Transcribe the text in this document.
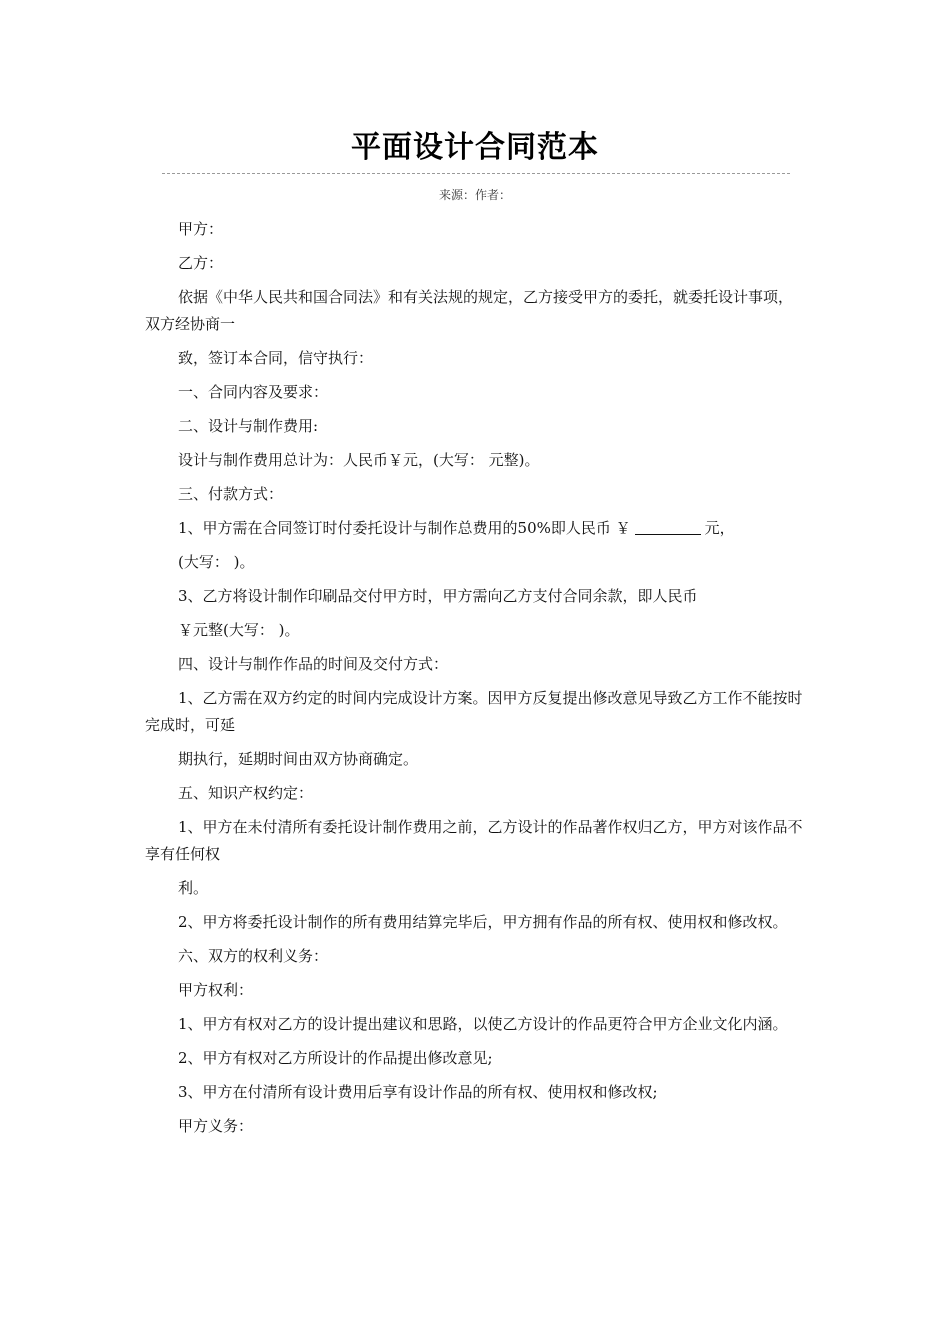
平面设计合同范本
来源：作者：

甲方：

乙方：

依据《中华人民共和国合同法》和有关法规的规定，乙方接受甲方的委托，就委托设计事项，双方经协商一

致，签订本合同，信守执行：

一、合同内容及要求：

二、设计与制作费用:

设计与制作费用总计为：人民币￥元，(大写： 元整)。

三、付款方式：

1、甲方需在合同签订时付委托设计与制作总费用的50%即人民币 ￥	元，

(大写： )。

3、乙方将设计制作印刷品交付甲方时，甲方需向乙方支付合同余款，即人民币

￥元整(大写： )。

四、设计与制作作品的时间及交付方式：

1、乙方需在双方约定的时间内完成设计方案。因甲方反复提出修改意见导致乙方工作不能按时完成时，可延

期执行，延期时间由双方协商确定。

五、知识产权约定：

1、甲方在未付清所有委托设计制作费用之前，乙方设计的作品著作权归乙方，甲方对该作品不享有任何权

利。

2、甲方将委托设计制作的所有费用结算完毕后，甲方拥有作品的所有权、使用权和修改权。

六、双方的权利义务：

甲方权利：

1、甲方有权对乙方的设计提出建议和思路，以使乙方设计的作品更符合甲方企业文化内涵。

2、甲方有权对乙方所设计的作品提出修改意见;

3、甲方在付清所有设计费用后享有设计作品的所有权、使用权和修改权;

甲方义务：
